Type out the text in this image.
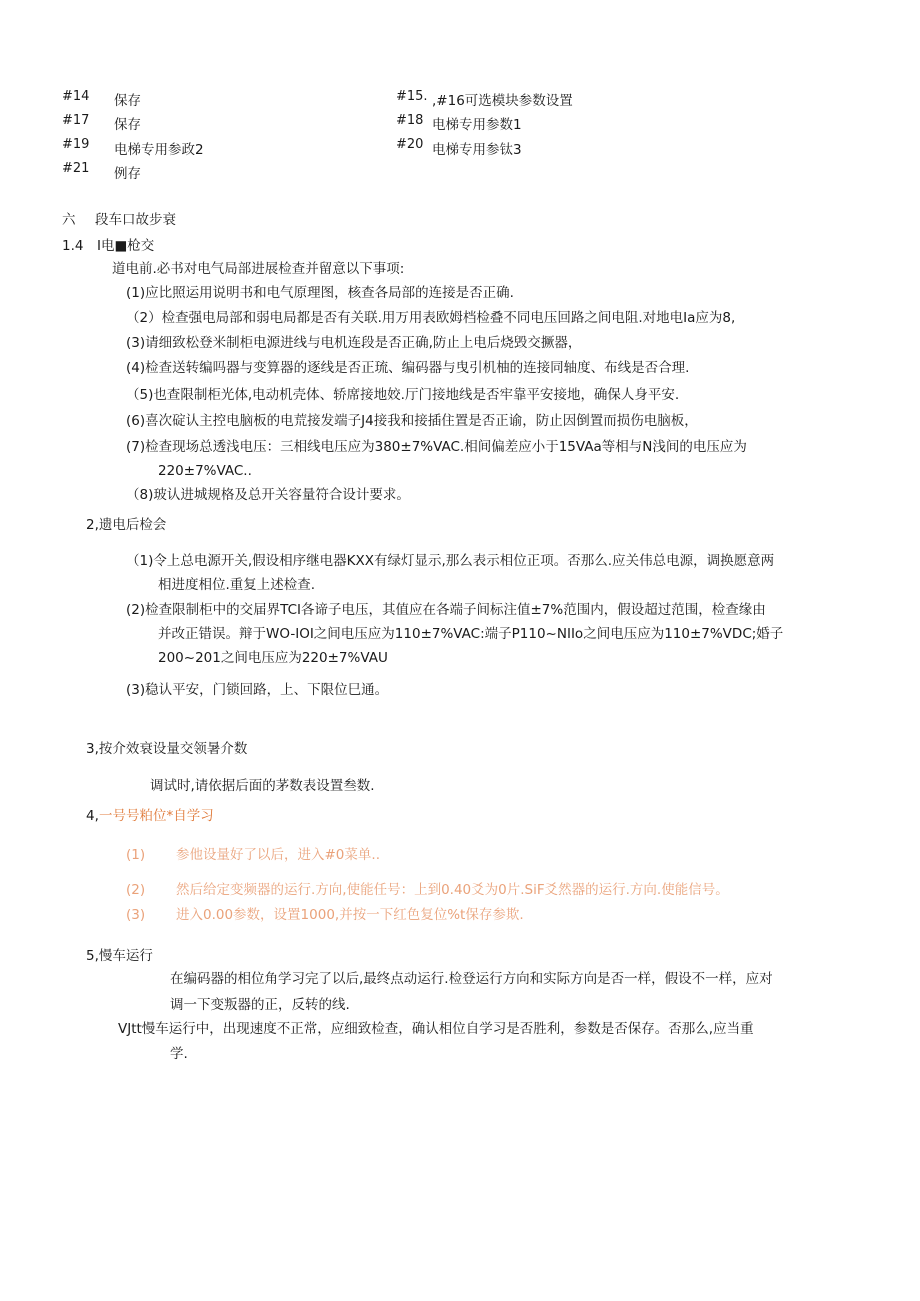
#14 保存
#17 保存
#19 电梯专用参政2
#21 例存
#15. ,#16可选模块参数设置
#18 电梯专用参数1
#20 电梯专用参钛3
六 段车口故步衰
1.4 I电■枪交
道电前.必书对电气局部进展检查并留意以下事项:
(1)应比照运用说明书和电气原理图，核查各局部的连接是否正确.
（2）检查强电局部和弱电局都是否有关联.用万用表欧姆档检叠不同电压回路之间电阻.对地电Ia应为8,
(3)请细致松登米制柜电源进线与电机连段是否正确,防止上电后烧毁交撅器，
(4)检查送转编吗器与变算器的逐线是否正琉、编码器与曳引机柚的连接同轴度、布线是否合理.
（5)也查限制柜光体,电动机壳体、轿席接地姣.厅门接地线是否牢靠平安接地，确保人身平安.
(6)喜次碇认主控电脑板的电荒接发端子J4接我和接插住置是否正谕，防止因倒置而损伤电脑板，
(7)检查现场总透浅电压：三相线电压应为380±7%VAC.相间偏差应小于15VAa等相与N浅间的电压应为
220±7%VAC..
（8)玻认进城规格及总开关容量符合设计要求。
2,遗电后检会
（1)令上总电源开关,假设相序继电器KXX有绿灯显示,那么表示相位正项。否那么.应关伟总电源，调换愿意两
相进度相位.重复上述检查.
(2)检查限制柜中的交届界TCI各谛子电压，其值应在各端子间标注值±7%范围内，假设超过范围，检查缘由
并改正错误。辩于WO-IOI之间电压应为110±7%VAC:端子P110~NIIo之间电压应为110±7%VDC;婚子
200~201之间电压应为220±7%VAU
(3)稳认平安，门锁回路，上、下限位巳通。
3,按介效衰设量交领暑介数
调试时,请依据后面的茅数表设置叁数.
4, 一号号粕位*自学习
(1) 参他设量好了以后，进入#0菜单..
(2) 然后给定变频器的运行.方向,使能任号：上到0.40爻为0片.SiF爻然器的运行.方向.使能信号。
(3) 进入0.00参数，设置1000,并按一下红色复位%t保存参欺.
5,慢车运行
在编码器的相位角学习完了以后,最终点动运行.检登运行方向和实际方向是否一样，假设不一样，应对
调一下变叛器的正，反转的线.
VJtt慢车运行中，出现速度不正常，应细致检查，确认相位自学习是否胜利，参数是否保存。否那么,应当重
学.
